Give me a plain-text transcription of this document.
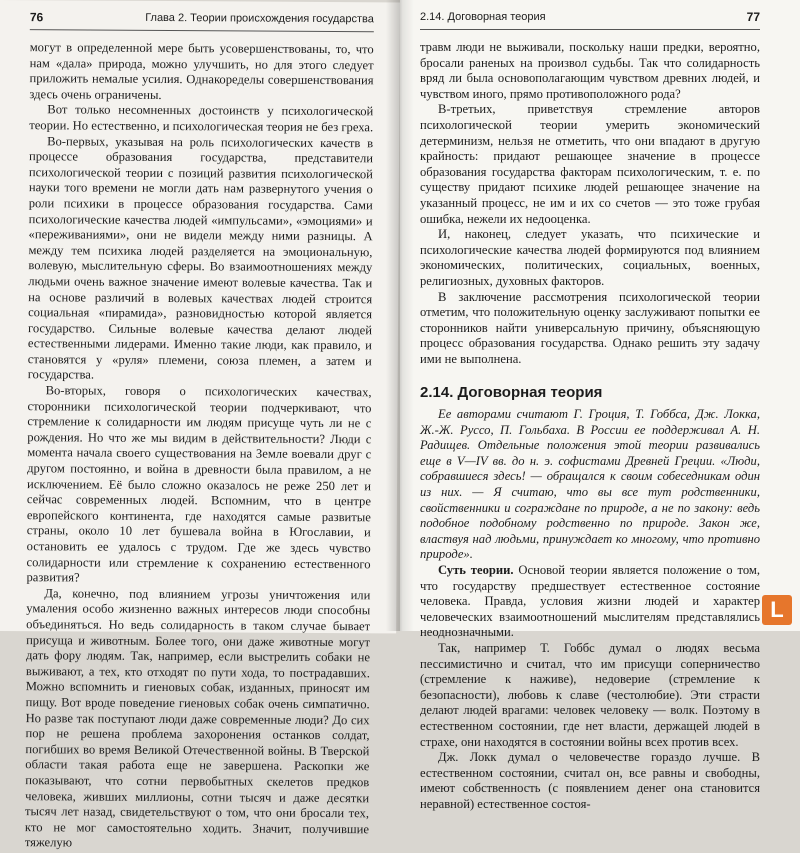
76	Глава 2. Теории происхождения государства

могут в определенной мере быть усовершенствованы, то, что нам «дала» природа, можно улучшить, но для этого следует приложить немалые усилия. Однакоределы совершенствования здесь очень ограничены.

Вот только несомненных достоинств у психологической теории. Но естественно, и психологическая теория не без греха.

Во-первых, указывая на роль психологических качеств в процессе образования государства, представители психологической теории с позиций развития психологической науки того времени не могли дать нам развернутого учения о роли психики в процессе образования государства. Сами психологические качества людей «импульсами», «эмоциями» и «переживаниями», они не видели между ними разницы. А между тем психика людей разделяется на эмоциональную, волевую, мыслительную сферы. Во взаимоотношениях между людьми очень важное значение имеют волевые качества. Так и на основе различий в волевых качествах людей строится социальная «пирамида», разновидностью которой является государство. Сильные волевые качества делают людей естественными лидерами. Именно такие люди, как правило, и становятся у «руля» племени, союза племен, а затем и государства.

Во-вторых, говоря о психологических качествах, сторонники психологической теории подчеркивают, что стремление к солидарности им людям присуще чуть ли не с рождения. Но что же мы видим в действительности? Люди с момента начала своего существования на Земле воевали друг с другом постоянно, и война в древности была правилом, а не исключением. Её было сложно оказалось не реже 250 лет и сейчас современных людей. Вспомним, что в центре европейского континента, где находятся самые развитые страны, около 10 лет бушевала война в Югославии, и остановить ее удалось с трудом. Где же здесь чувство солидарности или стремление к сохранению естественного развития?

Да, конечно, под влиянием угрозы уничтожения или умаления особо жизненно важных интересов люди способны объединяться. Но ведь солидарность в таком случае бывает присуща и животным. Более того, они даже животные могут дать фору людям. Так, например, если выстрелить собаки не выживают, а тех, кто отходят по пути хода, то пострадавших. Можно вспомнить и гиеновых собак, изданных, приносят им пищу. Вот вроде поведение гиеновых собак очень симпатично. Но разве так поступают люди даже современные люди? До сих пор не решена проблема захоронения останков солдат, погибших во время Великой Отечественной войны. В Тверской области такая работа еще не завершена. Раскопки же показывают, что сотни первобытных скелетов предков человека, живших миллионы, сотни тысяч и даже десятки тысяч лет назад, свидетельствуют о том, что они бросали тех, кто не мог самостоятельно ходить. Значит, получившие тяжелую

2.14. Договорная теория	77

травм люди не выживали, поскольку наши предки, вероятно, бросали раненых на произвол судьбы. Так что солидарность вряд ли была основополагающим чувством древних людей, и чувством иного, прямо противоположного рода?

В-третьих, приветствуя стремление авторов психологической теории умерить экономический детерминизм, нельзя не отметить, что они впадают в другую крайность: придают решающее значение в процессе образования государства факторам психологическим, т. е. по существу придают психике людей решающее значение на указанный процесс, не им и их со счетов — это тоже грубая ошибка, нежели их недооценка.

И, наконец, следует указать, что психические и психологические качества людей формируются под влиянием экономических, политических, социальных, военных, религиозных, духовных факторов.

В заключение рассмотрения психологической теории отметим, что положительную оценку заслуживают попытки ее сторонников найти универсальную причину, объясняющую процесс образования государства. Однако решить эту задачу ими не выполнена.

2.14. Договорная теория

Ее авторами считают Г. Гроция, Т. Гоббса, Дж. Локка, Ж.-Ж. Руссо, П. Гольбаха. В России ее поддерживал А. Н. Радищев. Отдельные положения этой теории развивались еще в V—IV вв. до н. э. софистами Древней Греции. «Люди, собравшиеся здесь! — обращался к своим собеседникам один из них. — Я считаю, что вы все тут родственники, свойственники и согражданe по природе, а не по закону: ведь подобное подобному родственно по природе. Закон же, властвуя над людьми, принуждает ко многому, что противно природе».

Суть теории. Основой теории является положение о том, что государству предшествует естественное состояние человека. Правда, условия жизни людей и характер человеческих взаимоотношений мыслителям представлялись неоднозначными.

Так, например Т. Гоббс думал о людях весьма пессимистично и считал, что им присущи соперничество (стремление к наживе), недоверие (стремление к безопасности), любовь к славе (честолюбие). Эти страсти делают людей врагами: человек человеку — волк. Поэтому в естественном состоянии, где нет власти, держащей людей в страхе, они находятся в состоянии войны всех против всех.

Дж. Локк думал о человечестве гораздо лучше. В естественном состоянии, считал он, все равны и свободны, имеют собственность (с появлением денег она становится неравной) естественное состоя-

L
